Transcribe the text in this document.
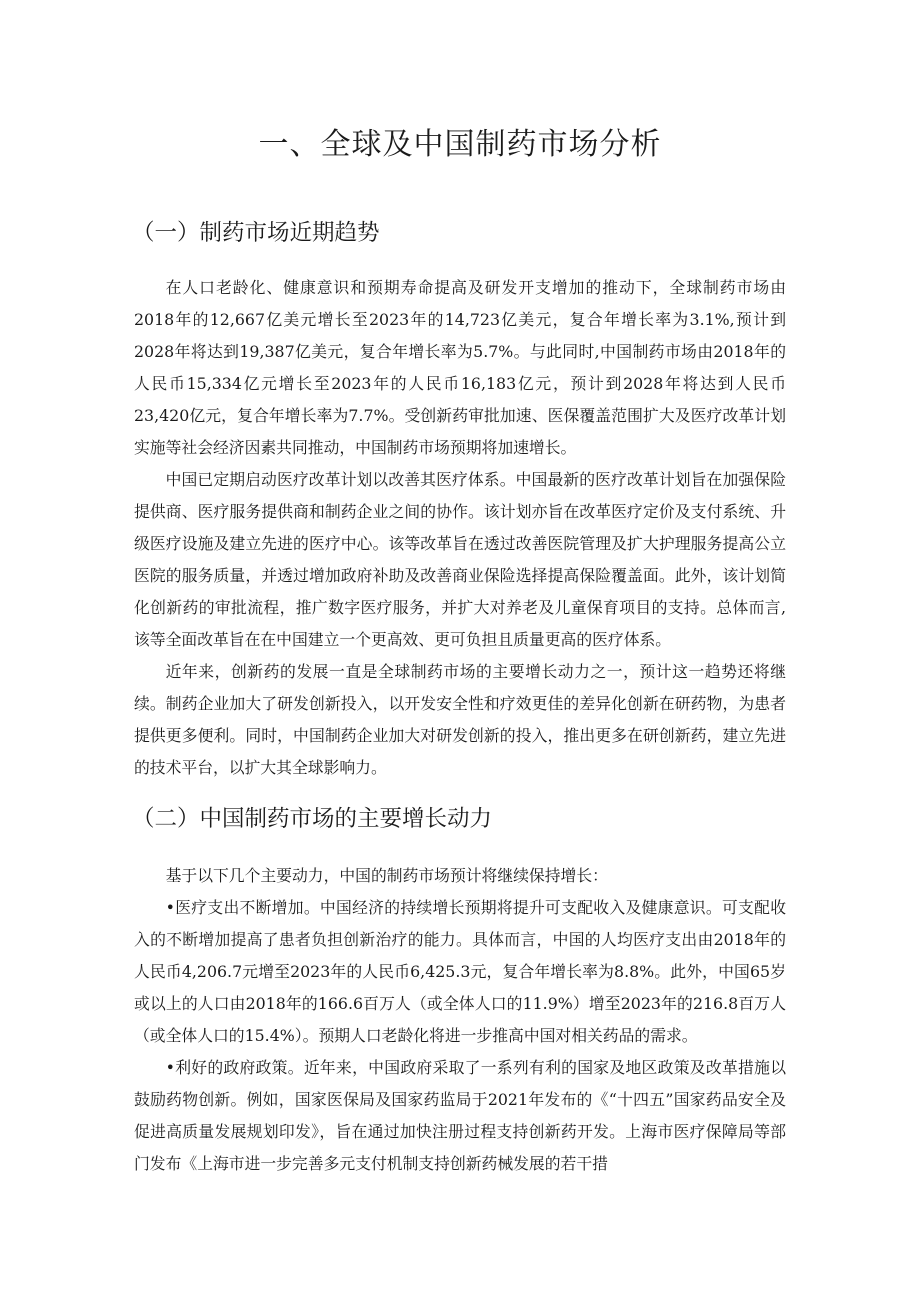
一、全球及中国制药市场分析
（一）制药市场近期趋势

在人口老龄化、健康意识和预期寿命提高及研发开支增加的推动下，全球制药市场由2018年的12,667亿美元增长至2023年的14,723亿美元，复合年增长率为3.1%,预计到2028年将达到19,387亿美元，复合年增长率为5.7%。与此同时,中国制药市场由2018年的人民币15,334亿元增长至2023年的人民币16,183亿元，预计到2028年将达到人民币23,420亿元，复合年增长率为7.7%。受创新药审批加速、医保覆盖范围扩大及医疗改革计划实施等社会经济因素共同推动，中国制药市场预期将加速增长。

中国已定期启动医疗改革计划以改善其医疗体系。中国最新的医疗改革计划旨在加强保险提供商、医疗服务提供商和制药企业之间的协作。该计划亦旨在改革医疗定价及支付系统、升级医疗设施及建立先进的医疗中心。该等改革旨在透过改善医院管理及扩大护理服务提高公立医院的服务质量，并透过增加政府补助及改善商业保险选择提高保险覆盖面。此外，该计划简化创新药的审批流程，推广数字医疗服务，并扩大对养老及儿童保育项目的支持。总体而言,该等全面改革旨在在中国建立一个更高效、更可负担且质量更高的医疗体系。

近年来，创新药的发展一直是全球制药市场的主要增长动力之一，预计这一趋势还将继续。制药企业加大了研发创新投入，以开发安全性和疗效更佳的差异化创新在研药物，为患者提供更多便利。同时，中国制药企业加大对研发创新的投入，推出更多在研创新药，建立先进的技术平台，以扩大其全球影响力。

（二）中国制药市场的主要增长动力

基于以下几个主要动力，中国的制药市场预计将继续保持增长：

•医疗支出不断增加。中国经济的持续增长预期将提升可支配收入及健康意识。可支配收入的不断增加提高了患者负担创新治疗的能力。具体而言，中国的人均医疗支出由2018年的人民币4,206.7元增至2023年的人民币6,425.3元，复合年增长率为8.8%。此外，中国65岁或以上的人口由2018年的166.6百万人（或全体人口的11.9%）增至2023年的216.8百万人（或全体人口的15.4%）。预期人口老龄化将进一步推高中国对相关药品的需求。

•利好的政府政策。近年来，中国政府采取了一系列有利的国家及地区政策及改革措施以鼓励药物创新。例如，国家医保局及国家药监局于2021年发布的《“十四五”国家药品安全及促进高质量发展规划印发》，旨在通过加快注册过程支持创新药开发。上海市医疗保障局等部门发布《上海市进一步完善多元支付机制支持创新药械发展的若干措
